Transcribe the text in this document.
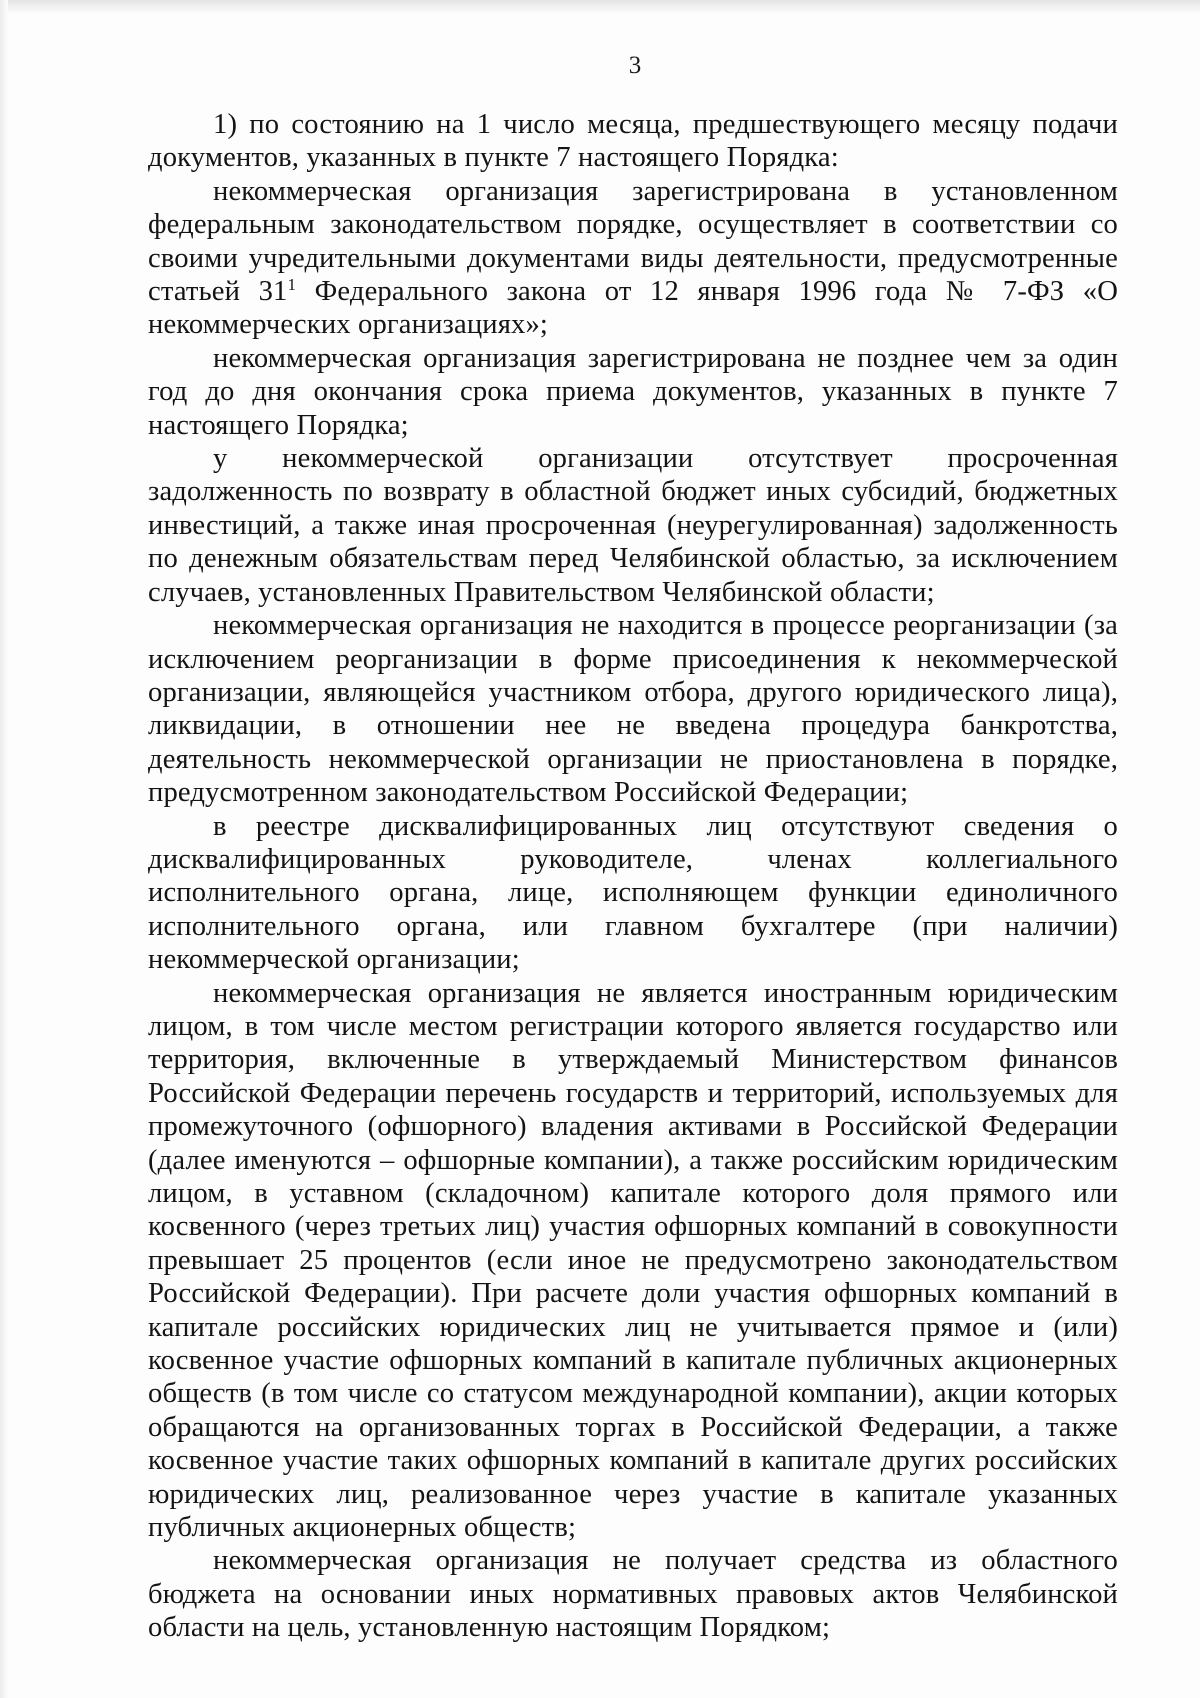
3

1) по состоянию на 1 число месяца, предшествующего месяцу подачи документов, указанных в пункте 7 настоящего Порядка:

некоммерческая организация зарегистрирована в установленном федеральным законодательством порядке, осуществляет в соответствии со своими учредительными документами виды деятельности, предусмотренные статьей $31^1$ Федерального закона от 12 января 1996 года № 7-ФЗ «О некоммерческих организациях»;

некоммерческая организация зарегистрирована не позднее чем за один год до дня окончания срока приема документов, указанных в пункте 7 настоящего Порядка;

у некоммерческой организации отсутствует просроченная задолженность по возврату в областной бюджет иных субсидий, бюджетных инвестиций, а также иная просроченная (неурегулированная) задолженность по денежным обязательствам перед Челябинской областью, за исключением случаев, установленных Правительством Челябинской области;

некоммерческая организация не находится в процессе реорганизации (за исключением реорганизации в форме присоединения к некоммерческой организации, являющейся участником отбора, другого юридического лица), ликвидации, в отношении нее не введена процедура банкротства, деятельность некоммерческой организации не приостановлена в порядке, предусмотренном законодательством Российской Федерации;

в реестре дисквалифицированных лиц отсутствуют сведения о дисквалифицированных руководителе, членах коллегиального исполнительного органа, лице, исполняющем функции единоличного исполнительного органа, или главном бухгалтере (при наличии) некоммерческой организации;

некоммерческая организация не является иностранным юридическим лицом, в том числе местом регистрации которого является государство или территория, включенные в утверждаемый Министерством финансов Российской Федерации перечень государств и территорий, используемых для промежуточного (офшорного) владения активами в Российской Федерации (далее именуются – офшорные компании), а также российским юридическим лицом, в уставном (складочном) капитале которого доля прямого или косвенного (через третьих лиц) участия офшорных компаний в совокупности превышает 25 процентов (если иное не предусмотрено законодательством Российской Федерации). При расчете доли участия офшорных компаний в капитале российских юридических лиц не учитывается прямое и (или) косвенное участие офшорных компаний в капитале публичных акционерных обществ (в том числе со статусом международной компании), акции которых обращаются на организованных торгах в Российской Федерации, а также косвенное участие таких офшорных компаний в капитале других российских юридических лиц, реализованное через участие в капитале указанных публичных акционерных обществ;

некоммерческая организация не получает средства из областного бюджета на основании иных нормативных правовых актов Челябинской области на цель, установленную настоящим Порядком;
